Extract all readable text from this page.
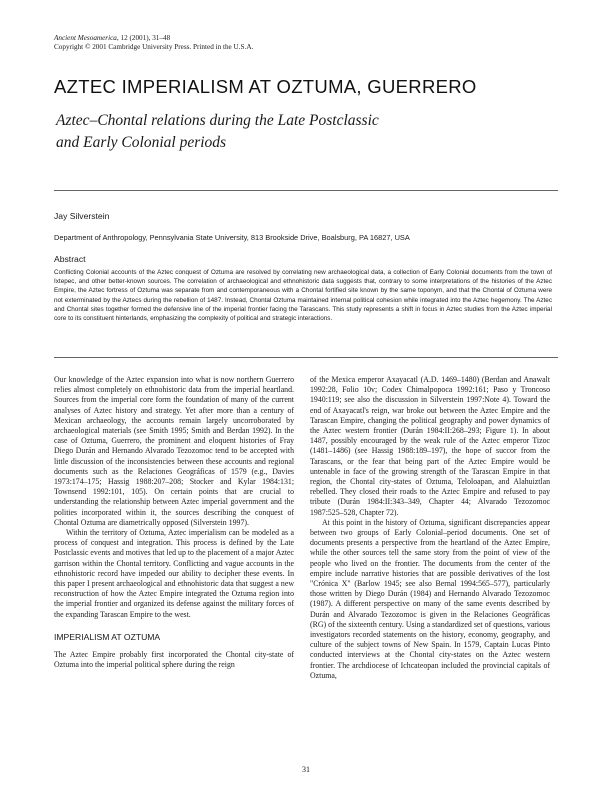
Ancient Mesoamerica, 12 (2001), 31–48
Copyright © 2001 Cambridge University Press. Printed in the U.S.A.
AZTEC IMPERIALISM AT OZTUMA, GUERRERO
Aztec–Chontal relations during the Late Postclassic
and Early Colonial periods
Jay Silverstein
Department of Anthropology, Pennsylvania State University, 813 Brookside Drive, Boalsburg, PA 16827, USA
Abstract
Conflicting Colonial accounts of the Aztec conquest of Oztuma are resolved by correlating new archaeological data, a collection of Early Colonial documents from the town of Ixtepec, and other better-known sources. The correlation of archaeological and ethnohistoric data suggests that, contrary to some interpretations of the histories of the Aztec Empire, the Aztec fortress of Oztuma was separate from and contemporaneous with a Chontal fortified site known by the same toponym, and that the Chontal of Oztuma were not exterminated by the Aztecs during the rebellion of 1487. Instead, Chontal Oztuma maintained internal political cohesion while integrated into the Aztec hegemony. The Aztec and Chontal sites together formed the defensive line of the imperial frontier facing the Tarascans. This study represents a shift in focus in Aztec studies from the Aztec imperial core to its constituent hinterlands, emphasizing the complexity of political and strategic interactions.

Our knowledge of the Aztec expansion into what is now northern Guerrero relies almost completely on ethnohistoric data from the imperial heartland. Sources from the imperial core form the foundation of many of the current analyses of Aztec history and strategy. Yet after more than a century of Mexican archaeology, the accounts remain largely uncorroborated by archaeological materials (see Smith 1995; Smith and Berdan 1992). In the case of Oztuma, Guerrero, the prominent and eloquent histories of Fray Diego Durán and Hernando Alvarado Tezozomoc tend to be accepted with little discussion of the inconsistencies between these accounts and regional documents such as the Relaciones Geográficas of 1579 (e.g., Davies 1973:174–175; Hassig 1988:207–208; Stocker and Kylar 1984:131; Townsend 1992:101, 105). On certain points that are crucial to understanding the relationship between Aztec imperial government and the polities incorporated within it, the sources describing the conquest of Chontal Oztuma are diametrically opposed (Silverstein 1997).

Within the territory of Oztuma, Aztec imperialism can be modeled as a process of conquest and integration. This process is defined by the Late Postclassic events and motives that led up to the placement of a major Aztec garrison within the Chontal territory. Conflicting and vague accounts in the ethnohistoric record have impeded our ability to decipher these events. In this paper I present archaeological and ethnohistoric data that suggest a new reconstruction of how the Aztec Empire integrated the Oztuma region into the imperial frontier and organized its defense against the military forces of the expanding Tarascan Empire to the west.

IMPERIALISM AT OZTUMA

The Aztec Empire probably first incorporated the Chontal city-state of Oztuma into the imperial political sphere during the reign

of the Mexica emperor Axayacatl (A.D. 1469–1480) (Berdan and Anawalt 1992:28, Folio 10v; Codex Chimalpopoca 1992:161; Paso y Troncoso 1940:119; see also the discussion in Silverstein 1997:Note 4). Toward the end of Axayacatl's reign, war broke out between the Aztec Empire and the Tarascan Empire, changing the political geography and power dynamics of the Aztec western frontier (Durán 1984:II:268–293; Figure 1). In about 1487, possibly encouraged by the weak rule of the Aztec emperor Tizoc (1481–1486) (see Hassig 1988:189–197), the hope of succor from the Tarascans, or the fear that being part of the Aztec Empire would be untenable in face of the growing strength of the Tarascan Empire in that region, the Chontal city-states of Oztuma, Teloloapan, and Alahuiztlan rebelled. They closed their roads to the Aztec Empire and refused to pay tribute (Durán 1984:II:343–349, Chapter 44; Alvarado Tezozomoc 1987:525–528, Chapter 72).

At this point in the history of Oztuma, significant discrepancies appear between two groups of Early Colonial–period documents. One set of documents presents a perspective from the heartland of the Aztec Empire, while the other sources tell the same story from the point of view of the people who lived on the frontier. The documents from the center of the empire include narrative histories that are possible derivatives of the lost "Crónica X" (Barlow 1945; see also Bernal 1994:565–577), particularly those written by Diego Durán (1984) and Hernando Alvarado Tezozomoc (1987). A different perspective on many of the same events described by Durán and Alvarado Tezozomoc is given in the Relaciones Geográficas (RG) of the sixteenth century. Using a standardized set of questions, various investigators recorded statements on the history, economy, geography, and culture of the subject towns of New Spain. In 1579, Captain Lucas Pinto conducted interviews at the Chontal city-states on the Aztec western frontier. The archdiocese of Ichcateopan included the provincial capitals of Oztuma,

31
